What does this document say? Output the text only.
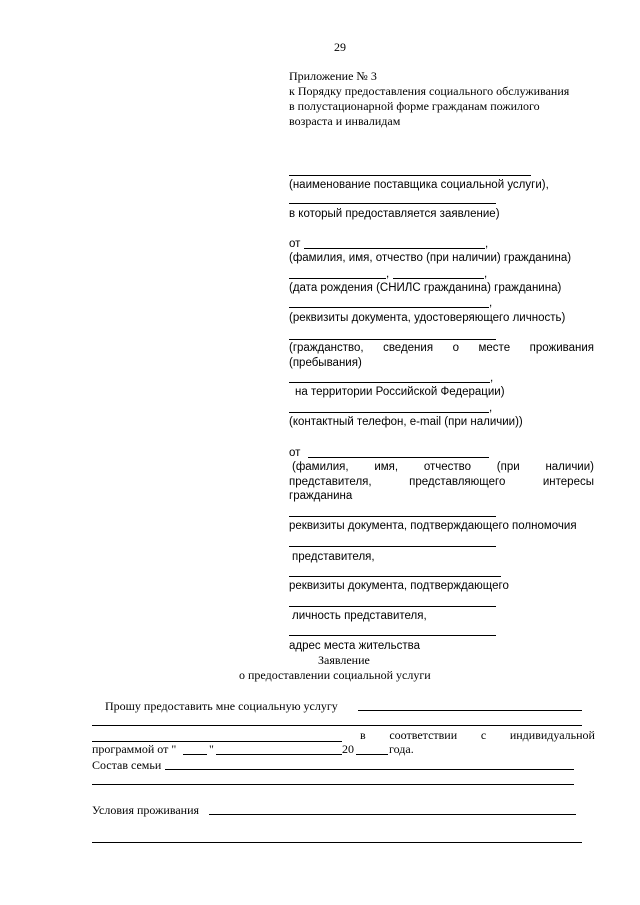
29
Приложение № 3
к Порядку предоставления социального обслуживания
в полустационарной форме гражданам пожилого
возраста и инвалидам
(наименование поставщика социальной услуги),
в который предоставляется заявление)
от	,
(фамилия, имя, отчество (при наличии) гражданина)
,	,
(дата рождения (СНИЛС гражданина) гражданина)
,
(реквизиты документа, удостоверяющего личность)
(гражданство, сведения о месте проживания
(пребывания)
,
на территории Российской Федерации)
,
(контактный телефон, e-mail (при наличии))
от
(фамилия, имя, отчество (при наличии)
представителя,	представляющего	интересы
гражданина
реквизиты документа, подтверждающего полномочия
представителя,
реквизиты документа, подтверждающего
личность представителя,
адрес места жительства
Заявление
о предоставлении социальной услуги
Прошу предоставить мне социальную услугу
в соответствии с индивидуальной
программой от "	"	20	года.
Состав семьи
Условия проживания
